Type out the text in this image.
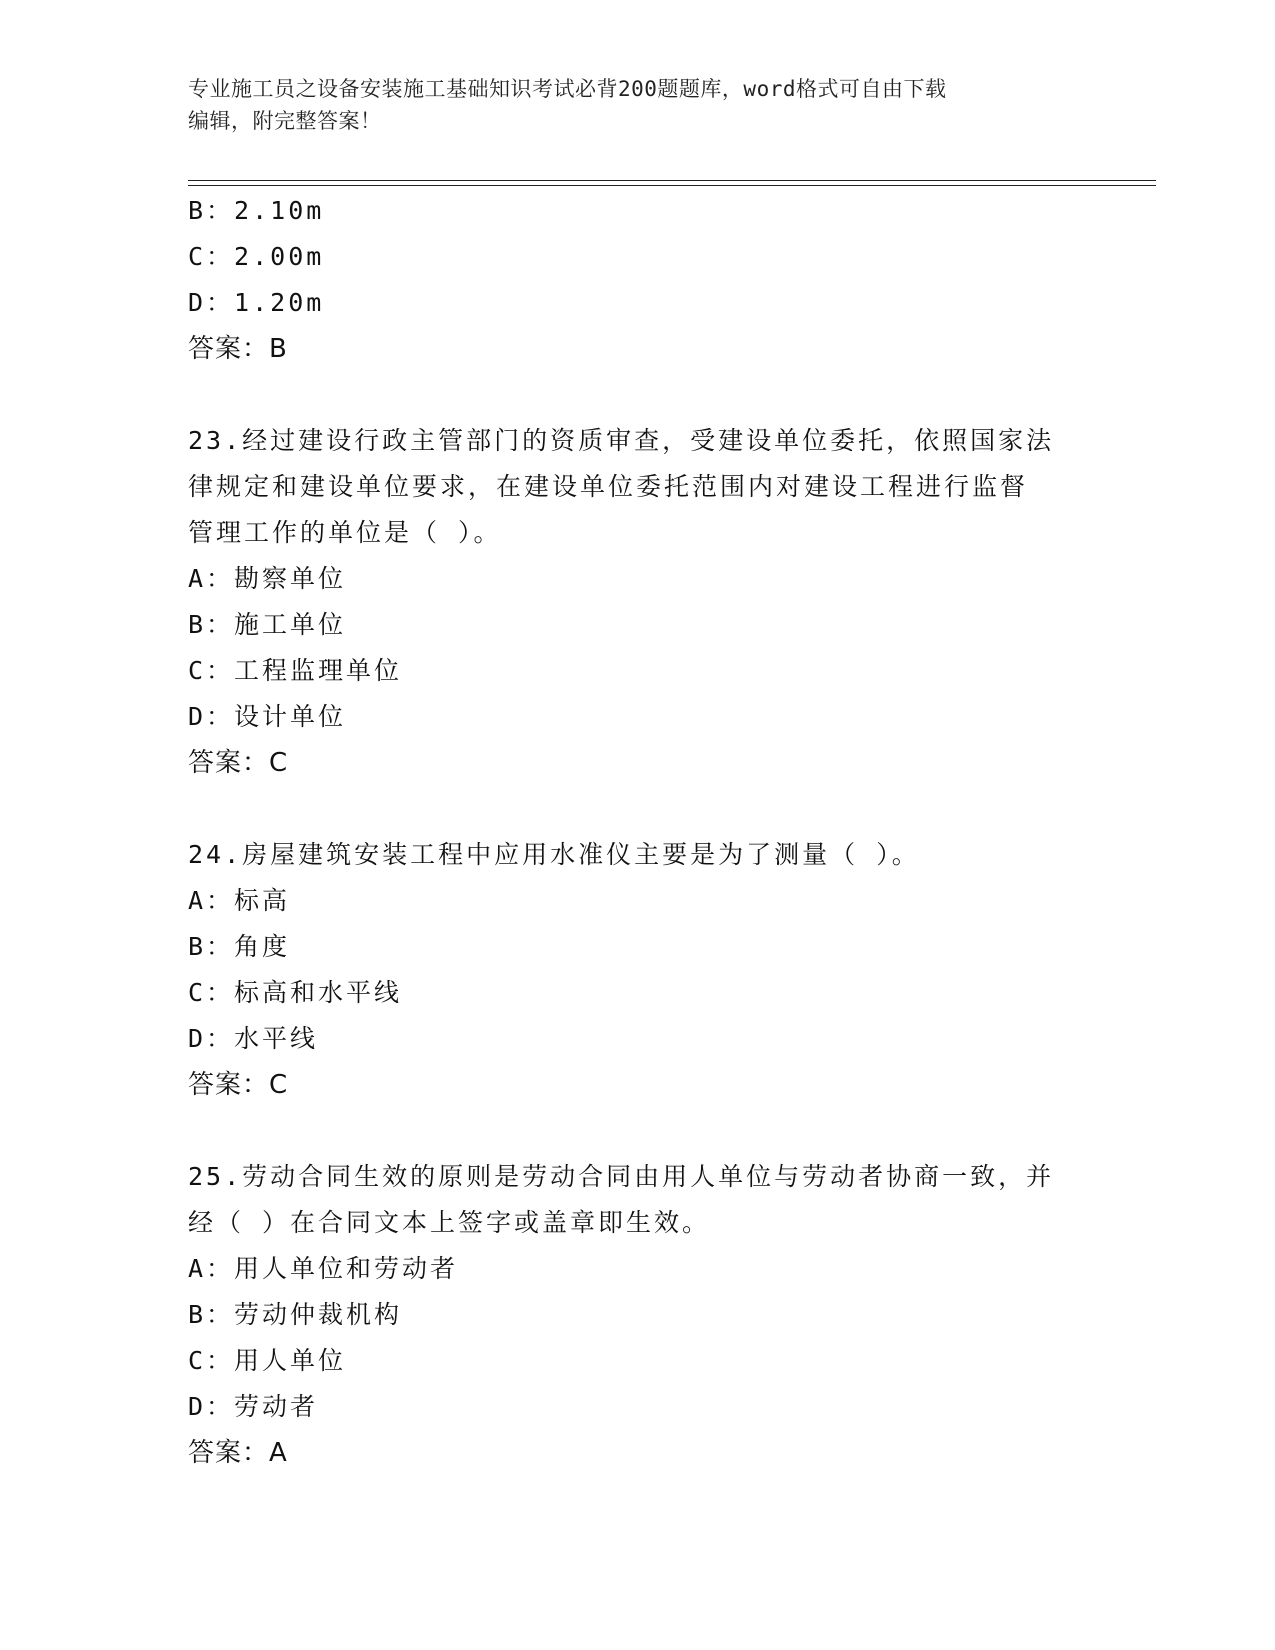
专业施工员之设备安装施工基础知识考试必背200题题库，word格式可自由下载
编辑，附完整答案！
B：2.10m
C：2.00m
D：1.20m
答案：B
23.经过建设行政主管部门的资质审查，受建设单位委托，依照国家法
律规定和建设单位要求，在建设单位委托范围内对建设工程进行监督
管理工作的单位是（ ）。
A：勘察单位
B：施工单位
C：工程监理单位
D：设计单位
答案：C
24.房屋建筑安装工程中应用水准仪主要是为了测量（ ）。
A：标高
B：角度
C：标高和水平线
D：水平线
答案：C
25.劳动合同生效的原则是劳动合同由用人单位与劳动者协商一致，并
经（ ）在合同文本上签字或盖章即生效。
A：用人单位和劳动者
B：劳动仲裁机构
C：用人单位
D：劳动者
答案：A
